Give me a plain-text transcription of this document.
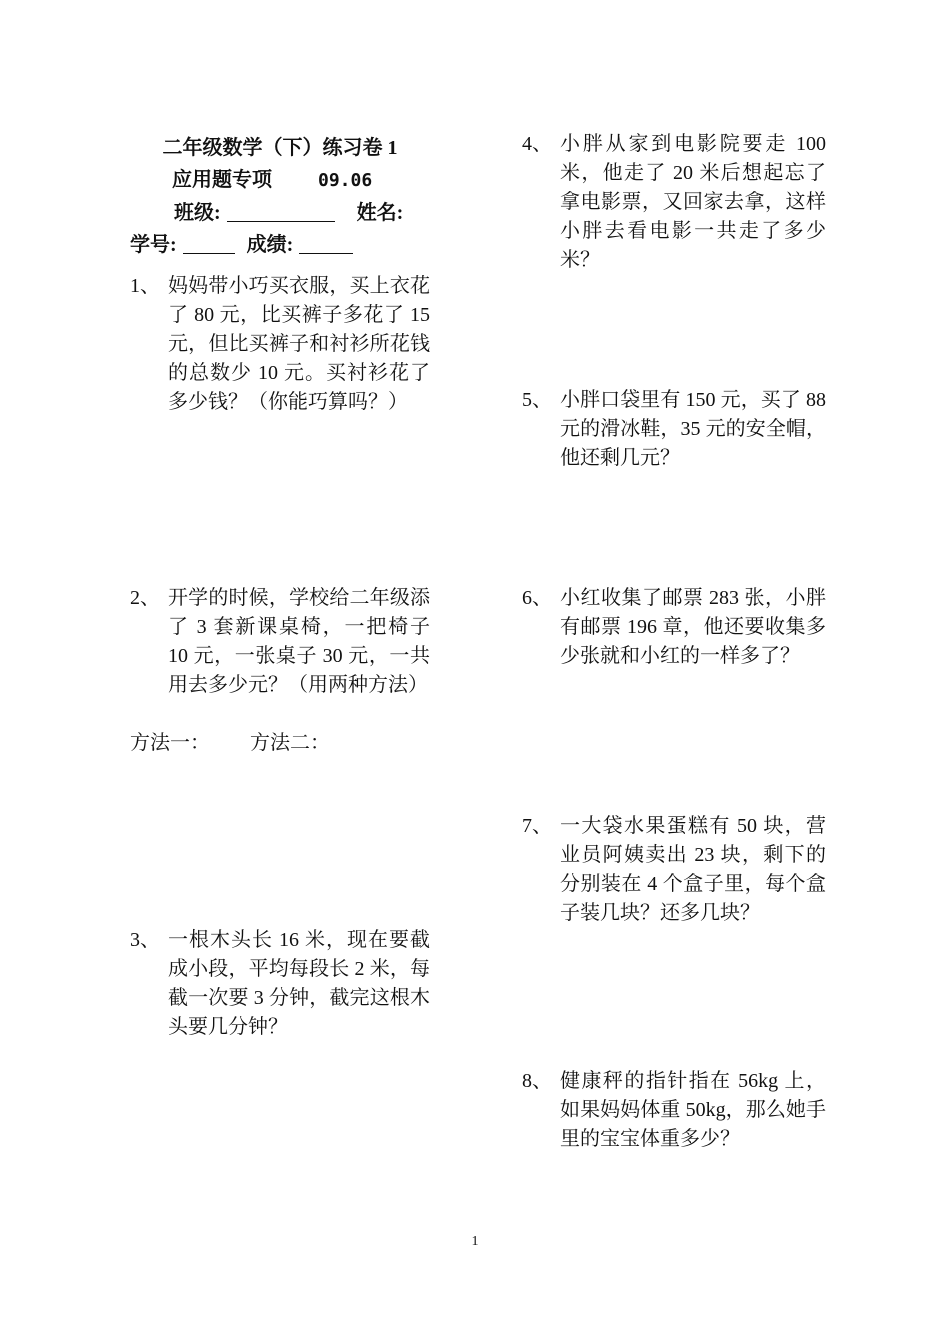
二年级数学（下）练习卷 1
应用题专项	09.06
班级:	姓名:
学号:	成绩:
1、 妈妈带小巧买衣服，买上衣花了 80 元，比买裤子多花了 15 元，但比买裤子和衬衫所花钱的总数少 10 元。买衬衫花了多少钱？（你能巧算吗？）
2、 开学的时候，学校给二年级添了 3 套新课桌椅，一把椅子 10 元，一张桌子 30 元，一共用去多少元？（用两种方法）
方法一： 方法二：
3、 一根木头长 16 米，现在要截成小段，平均每段长 2 米，每截一次要 3 分钟，截完这根木头要几分钟？
4、 小胖从家到电影院要走 100 米，他走了 20 米后想起忘了拿电影票，又回家去拿，这样小胖去看电影一共走了多少米？
5、 小胖口袋里有 150 元，买了 88 元的滑冰鞋，35 元的安全帽，他还剩几元？
6、 小红收集了邮票 283 张，小胖有邮票 196 章，他还要收集多少张就和小红的一样多了？
7、 一大袋水果蛋糕有 50 块，营业员阿姨卖出 23 块，剩下的分别装在 4 个盒子里，每个盒子装几块？还多几块？
8、 健康秤的指针指在 56kg 上，如果妈妈体重 50kg，那么她手里的宝宝体重多少？
1
